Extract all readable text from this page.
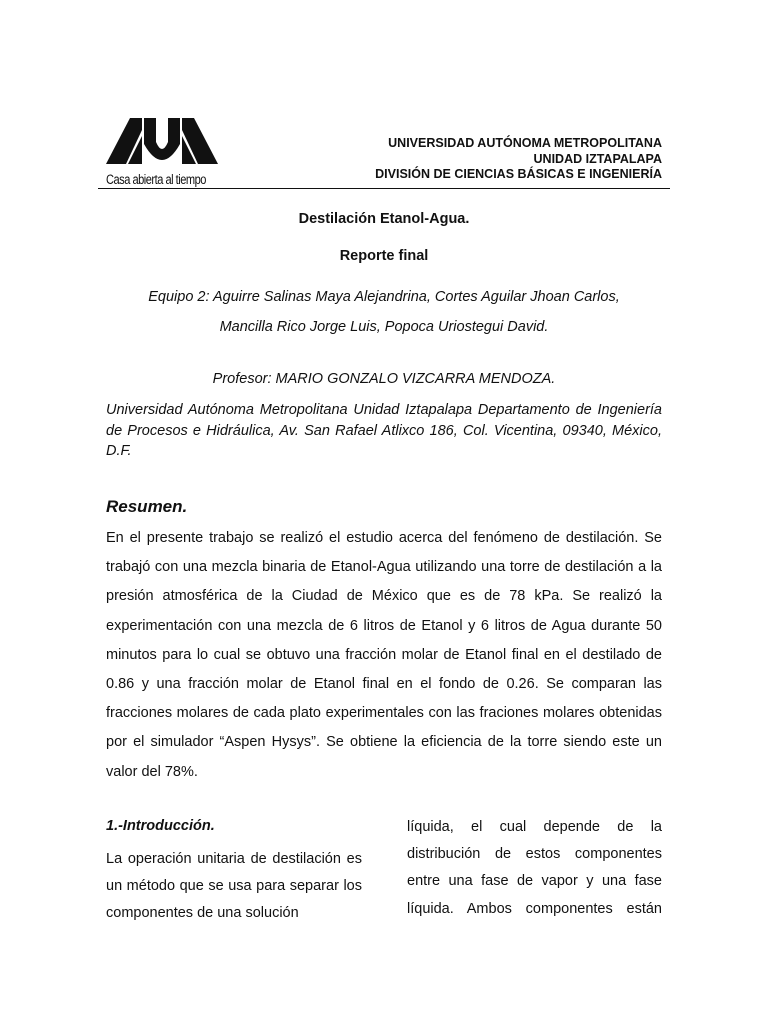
Casa abierta al tiempo
UNIVERSIDAD AUTÓNOMA METROPOLITANA
UNIDAD IZTAPALAPA
DIVISIÓN DE CIENCIAS BÁSICAS E INGENIERÍA
Destilación Etanol-Agua.
Reporte final
Equipo 2: Aguirre Salinas Maya Alejandrina, Cortes Aguilar Jhoan Carlos,
Mancilla Rico Jorge Luis, Popoca Uriostegui David.
Profesor: MARIO GONZALO VIZCARRA MENDOZA.
Universidad Autónoma Metropolitana Unidad Iztapalapa Departamento de Ingeniería de Procesos e Hidráulica, Av. San Rafael Atlixco 186, Col. Vicentina, 09340, México, D.F.
Resumen.

En el presente trabajo se realizó el estudio acerca del fenómeno de destilación. Se trabajó con una mezcla binaria de Etanol-Agua utilizando una torre de destilación a la presión atmosférica de la Ciudad de México que es de 78 kPa. Se realizó la experimentación con una mezcla de 6 litros de Etanol y 6 litros de Agua durante 50 minutos para lo cual se obtuvo una fracción molar de Etanol final en el destilado de 0.86 y una fracción molar de Etanol final en el fondo de 0.26. Se comparan las fracciones molares de cada plato experimentales con las fraciones molares obtenidas por el simulador “Aspen Hysys”. Se obtiene la eficiencia de la torre siendo este un valor del 78%.

1.-Introducción.

La operación unitaria de destilación es un método que se usa para separar los componentes de una solución

líquida, el cual depende de la
distribución de estos componentes
entre una fase de vapor y una fase
líquida. Ambos componentes están
